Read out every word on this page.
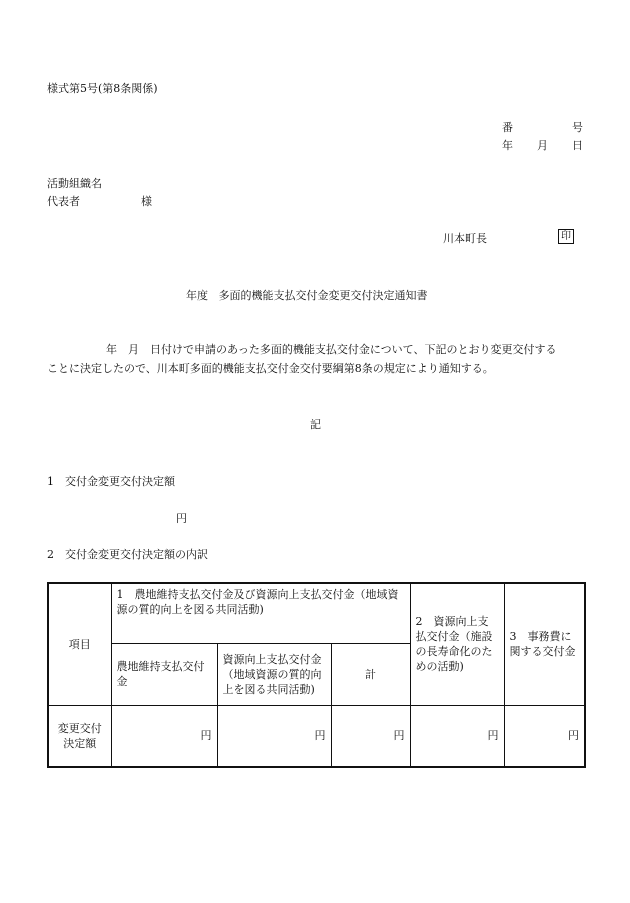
様式第5号(第8条関係)
番	号
年 月 日
活動組織名
代表者	様
川本町長	印
年度 多面的機能支払交付金変更交付決定通知書
年　月　日付けで申請のあった多面的機能支払交付金について、下記のとおり変更交付する
ことに決定したので、川本町多面的機能支払交付金交付要綱第8条の規定により通知する。
記
1　交付金変更交付決定額
円
2　交付金変更交付決定額の内訳
項目	1　農地維持支払交付金及び資源向上支払交付金（地域資源の質的向上を図る共同活動)			2　資源向上支払交付金（施設の長寿命化のための活動)	3　事務費に関する交付金
	農地維持支払交付金	資源向上支払交付金（地域資源の質的向上を図る共同活動)	計		
変更交付決定額	円	円	円	円	円
